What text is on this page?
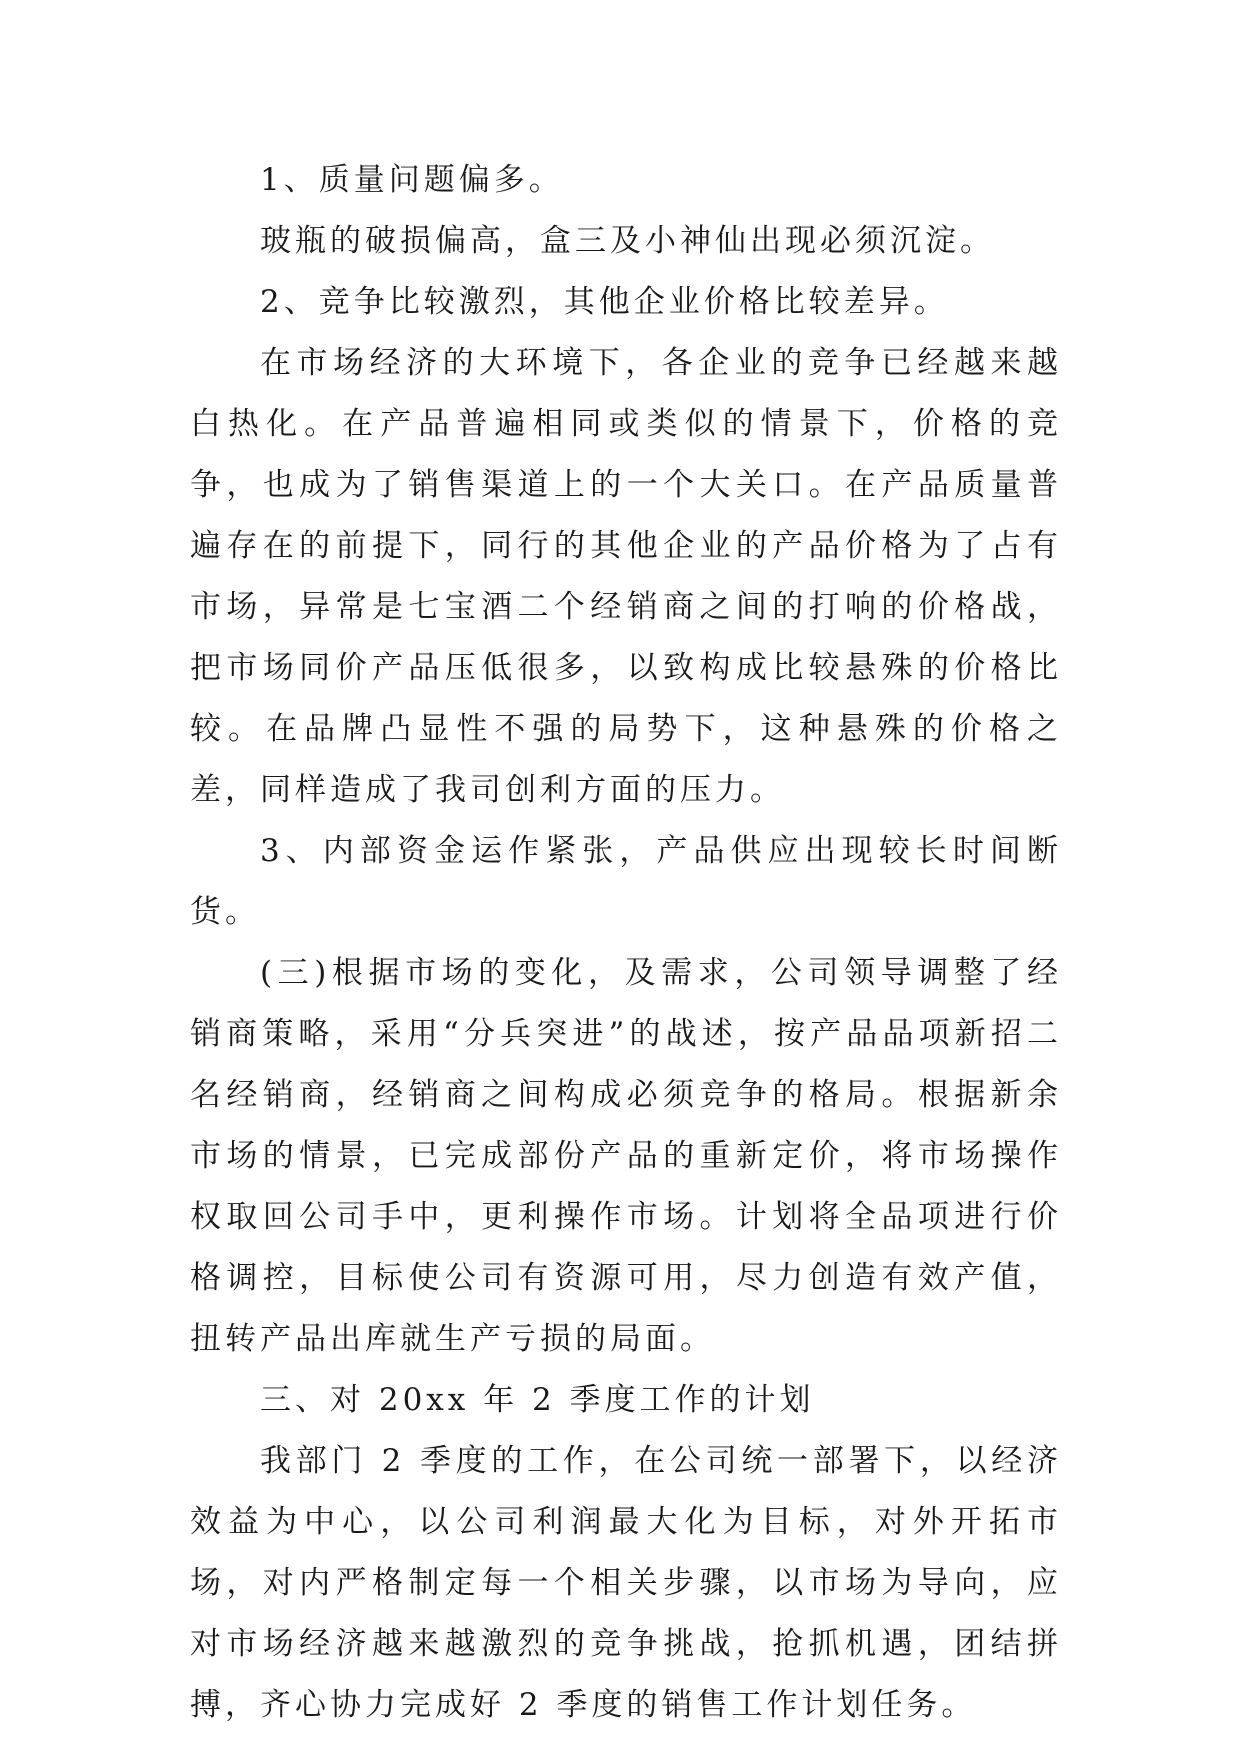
1、质量问题偏多。

玻瓶的破损偏高，盒三及小神仙出现必须沉淀。

2、竞争比较激烈，其他企业价格比较差异。

在市场经济的大环境下，各企业的竞争已经越来越白热化。在产品普遍相同或类似的情景下，价格的竞争，也成为了销售渠道上的一个大关口。在产品质量普遍存在的前提下，同行的其他企业的产品价格为了占有市场，异常是七宝酒二个经销商之间的打响的价格战，把市场同价产品压低很多，以致构成比较悬殊的价格比较。在品牌凸显性不强的局势下，这种悬殊的价格之差，同样造成了我司创利方面的压力。

3、内部资金运作紧张，产品供应出现较长时间断货。

(三)根据市场的变化，及需求，公司领导调整了经销商策略，采用“分兵突进”的战述，按产品品项新招二名经销商，经销商之间构成必须竞争的格局。根据新余市场的情景，已完成部份产品的重新定价，将市场操作权取回公司手中，更利操作市场。计划将全品项进行价格调控，目标使公司有资源可用，尽力创造有效产值，扭转产品出库就生产亏损的局面。

三、对 20xx 年 2 季度工作的计划

我部门 2 季度的工作，在公司统一部署下，以经济效益为中心，以公司利润最大化为目标，对外开拓市场，对内严格制定每一个相关步骤，以市场为导向，应对市场经济越来越激烈的竞争挑战，抢抓机遇，团结拼搏，齐心协力完成好 2 季度的销售工作计划任务。
